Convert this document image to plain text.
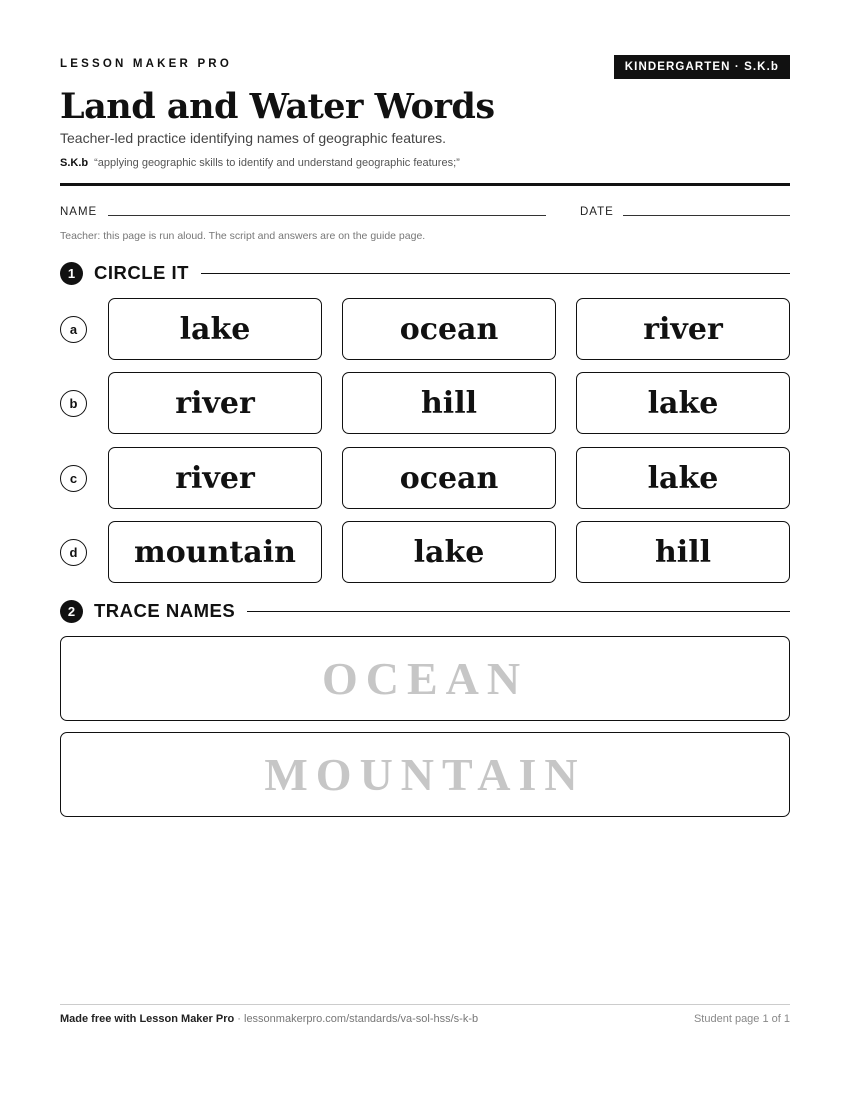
LESSON MAKER PRO	KINDERGARTEN · S.K.b
Land and Water Words
Teacher-led practice identifying names of geographic features.
S.K.b “applying geographic skills to identify and understand geographic features;”
NAME	DATE
Teacher: this page is run aloud. The script and answers are on the guide page.
1	CIRCLE IT
a	lake	ocean	river
b	river	hill	lake
c	river	ocean	lake
d	mountain	lake	hill
2	TRACE NAMES
OCEAN
MOUNTAIN
Made free with Lesson Maker Pro · lessonmakerpro.com/standards/va-sol-hss/s-k-b	Student page 1 of 1
